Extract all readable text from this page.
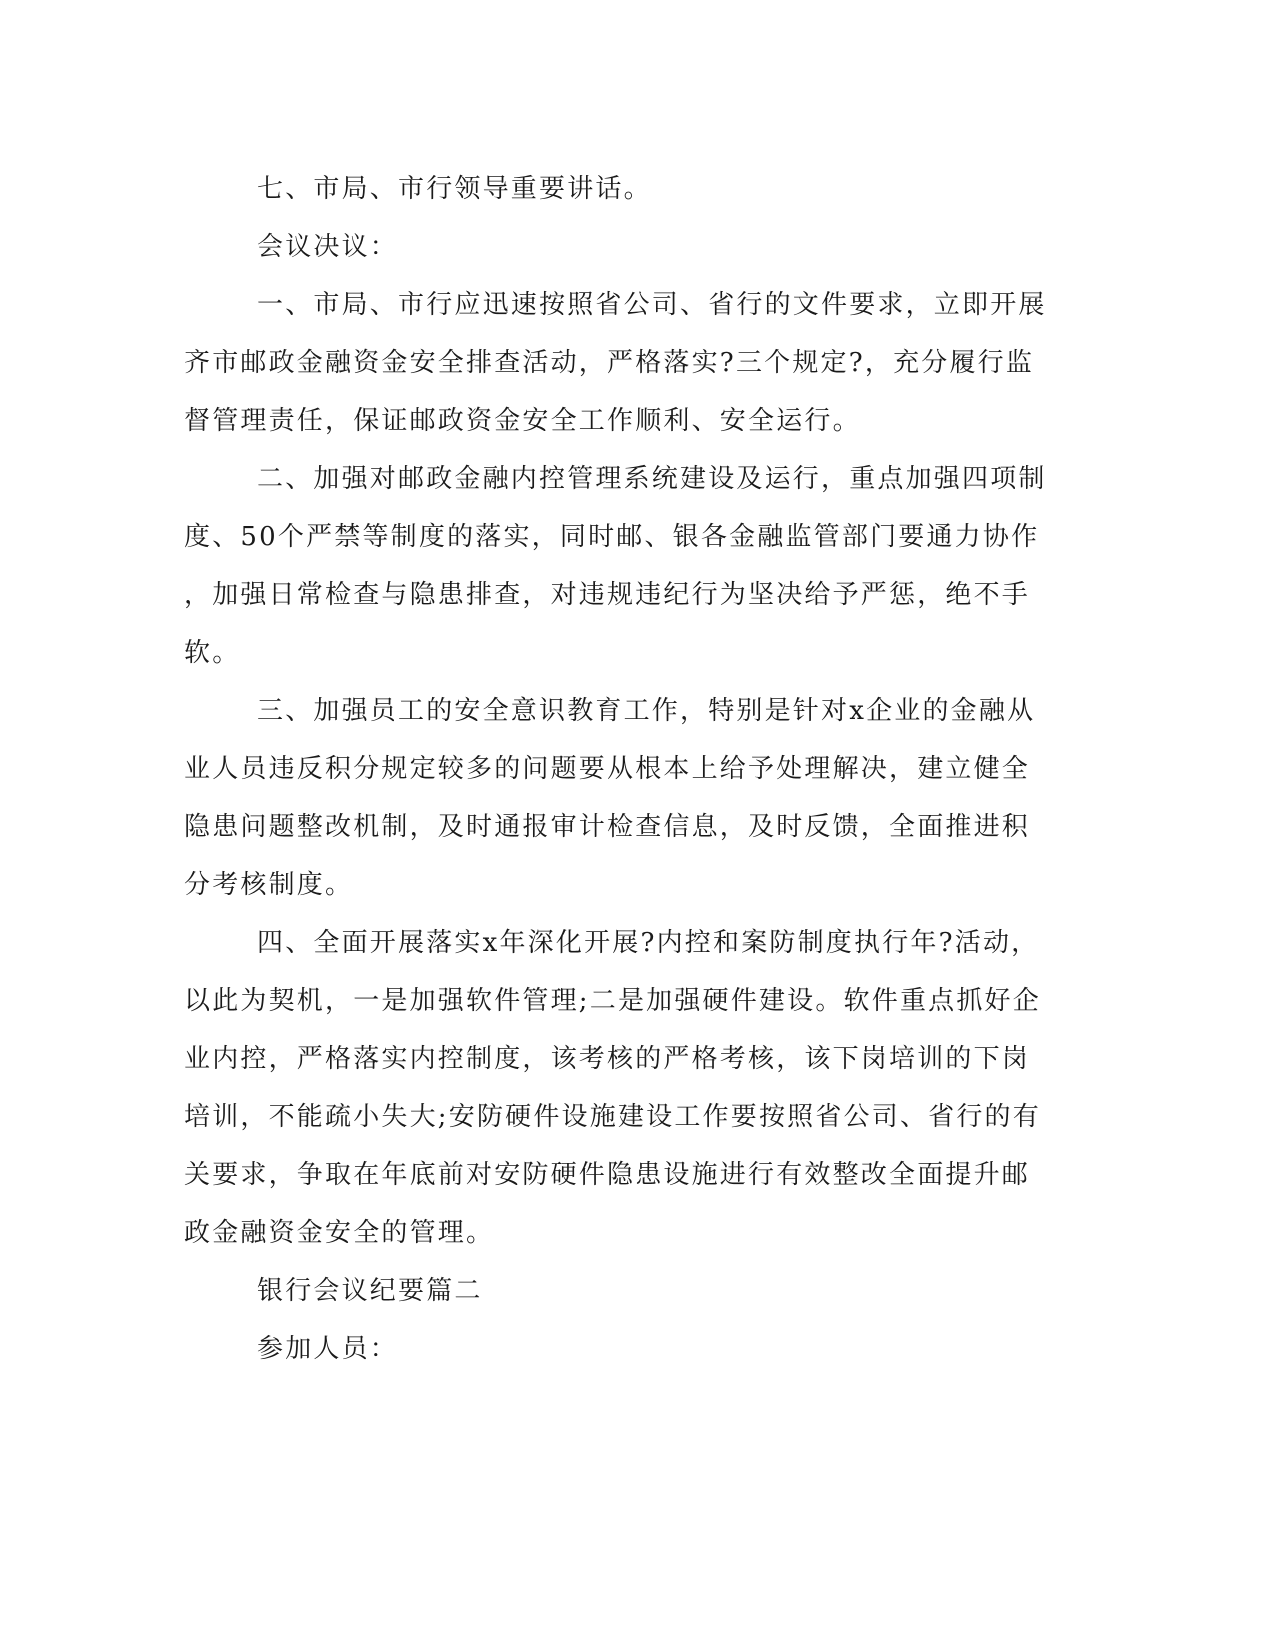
七、市局、市行领导重要讲话。
会议决议：
一、市局、市行应迅速按照省公司、省行的文件要求，立即开展
齐市邮政金融资金安全排查活动，严格落实?三个规定?，充分履行监
督管理责任，保证邮政资金安全工作顺利、安全运行。
二、加强对邮政金融内控管理系统建设及运行，重点加强四项制
度、50个严禁等制度的落实，同时邮、银各金融监管部门要通力协作
，加强日常检查与隐患排查，对违规违纪行为坚决给予严惩，绝不手
软。
三、加强员工的安全意识教育工作，特别是针对x企业的金融从
业人员违反积分规定较多的问题要从根本上给予处理解决，建立健全
隐患问题整改机制，及时通报审计检查信息，及时反馈，全面推进积
分考核制度。
四、全面开展落实x年深化开展?内控和案防制度执行年?活动，
以此为契机，一是加强软件管理;二是加强硬件建设。软件重点抓好企
业内控，严格落实内控制度，该考核的严格考核，该下岗培训的下岗
培训，不能疏小失大;安防硬件设施建设工作要按照省公司、省行的有
关要求，争取在年底前对安防硬件隐患设施进行有效整改全面提升邮
政金融资金安全的管理。
银行会议纪要篇二
参加人员：
